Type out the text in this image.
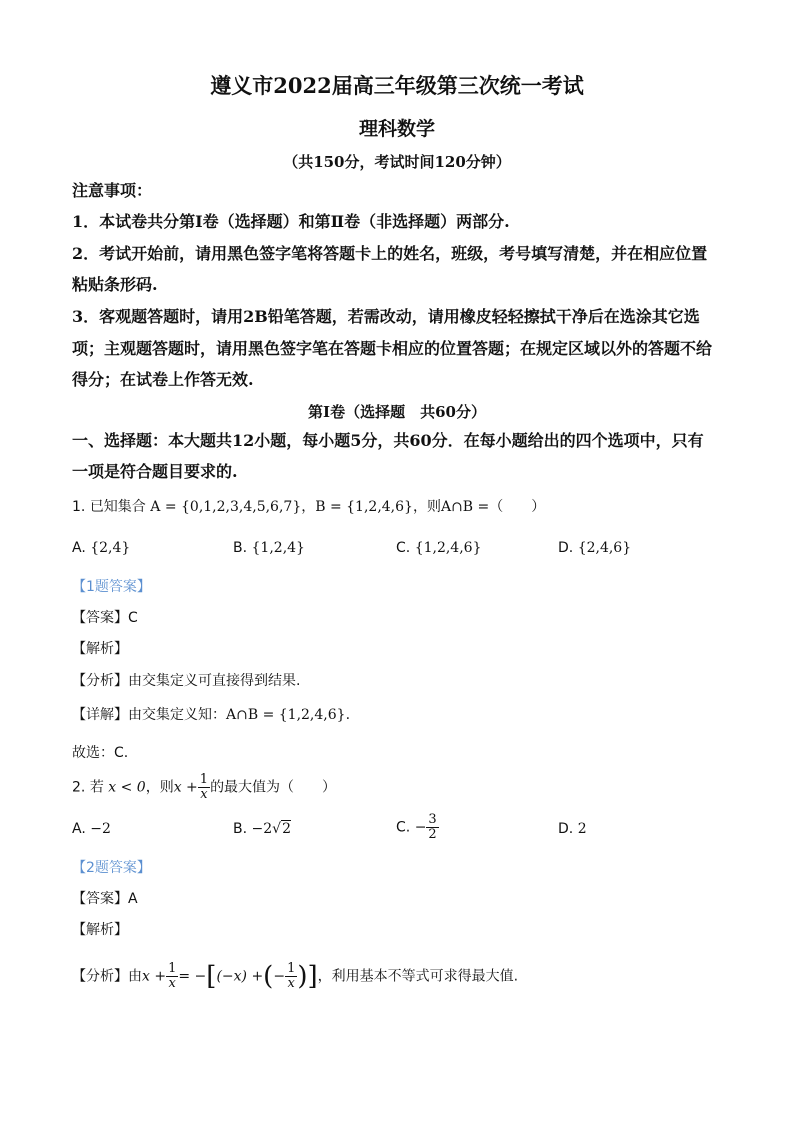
遵义市2022届高三年级第三次统一考试
理科数学
（共150分，考试时间120分钟）
注意事项：
1．本试卷共分第Ⅰ卷（选择题）和第Ⅱ卷（非选择题）两部分.
2．考试开始前，请用黑色签字笔将答题卡上的姓名，班级，考号填写清楚，并在相应位置
粘贴条形码.
3．客观题答题时，请用2B铅笔答题，若需改动，请用橡皮轻轻擦拭干净后在选涂其它选
项；主观题答题时，请用黑色签字笔在答题卡相应的位置答题；在规定区域以外的答题不给
得分；在试卷上作答无效.
第Ⅰ卷（选择题　共60分）
一、选择题：本大题共12小题，每小题5分，共60分．在每小题给出的四个选项中，只有
一项是符合题目要求的.
1. 已知集合 A = {0,1,2,3,4,5,6,7}，B = {1,2,4,6}，则A∩B =（　　）
A. {2,4}	B. {1,2,4}	C. {1,2,4,6}	D. {2,4,6}
【1题答案】
【答案】C
【解析】
【分析】由交集定义可直接得到结果.
【详解】由交集定义知：A∩B = {1,2,4,6}.
故选：C.
2. 若 x < 0，则$x + \frac{1}{x}$ 的最大值为（　　）
A. −2	B. −2√2	C. − $\frac{3}{2}$	D. 2
【2题答案】
【答案】A
【解析】
【分析】由$x + \frac{1}{x} = -[(-x)$ +(− $\frac{1}{x}$ )]，利用基本不等式可求得最大值.
